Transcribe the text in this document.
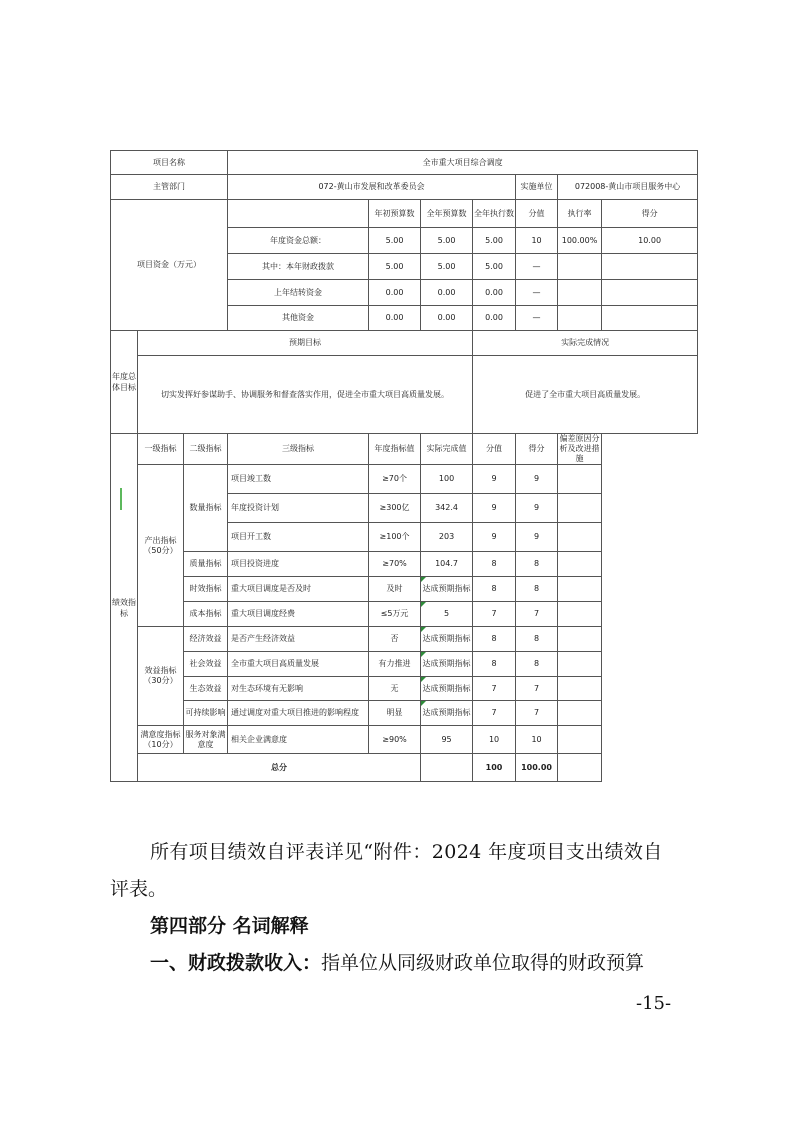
项目名称			全市重大项目综合调度						
主管部门			072-黄山市发展和改革委员会				实施单位	072008-黄山市项目服务中心	
项目资金（万元）				年初预算数	全年预算数	全年执行数	分值	执行率	得分
			年度资金总额：	5.00	5.00	5.00	10	100.00%	10.00
			其中：本年财政拨款	5.00	5.00	5.00	—		
			上年结转资金	0.00	0.00	0.00	—		
			其他资金	0.00	0.00	0.00	—		
年度总体目标	预期目标					实际完成情况			
	切实发挥好参谋助手、协调服务和督查落实作用，促进全市重大项目高质量发展。					促进了全市重大项目高质量发展。			
绩效指标	一级指标	二级指标	三级指标	年度指标值	实际完成值	分值	得分	偏差原因分析及改进措施	
	产出指标（50分）	数量指标	项目竣工数	≥70个	100	9	9		
			年度投资计划	≥300亿	342.4	9	9		
			项目开工数	≥100个	203	9	9		
		质量指标	项目投资进度	≥70%	104.7	8	8		
		时效指标	重大项目调度是否及时	及时	达成预期指标	8	8		
		成本指标	重大项目调度经费	≤5万元	5	7	7		
	效益指标（30分）	经济效益	是否产生经济效益	否	达成预期指标	8	8		
		社会效益	全市重大项目高质量发展	有力推进	达成预期指标	8	8		
		生态效益	对生态环境有无影响	无	达成预期指标	7	7		
		可持续影响	通过调度对重大项目推进的影响程度	明显	达成预期指标	7	7		
	满意度指标（10分）	服务对象满意度	相关企业满意度	≥90%	95	10	10		
	总分					100	100.00		

所有项目绩效自评表详见“附件：2024 年度项目支出绩效自

评表。

第四部分 名词解释

一、财政拨款收入：指单位从同级财政单位取得的财政预算

-15-
